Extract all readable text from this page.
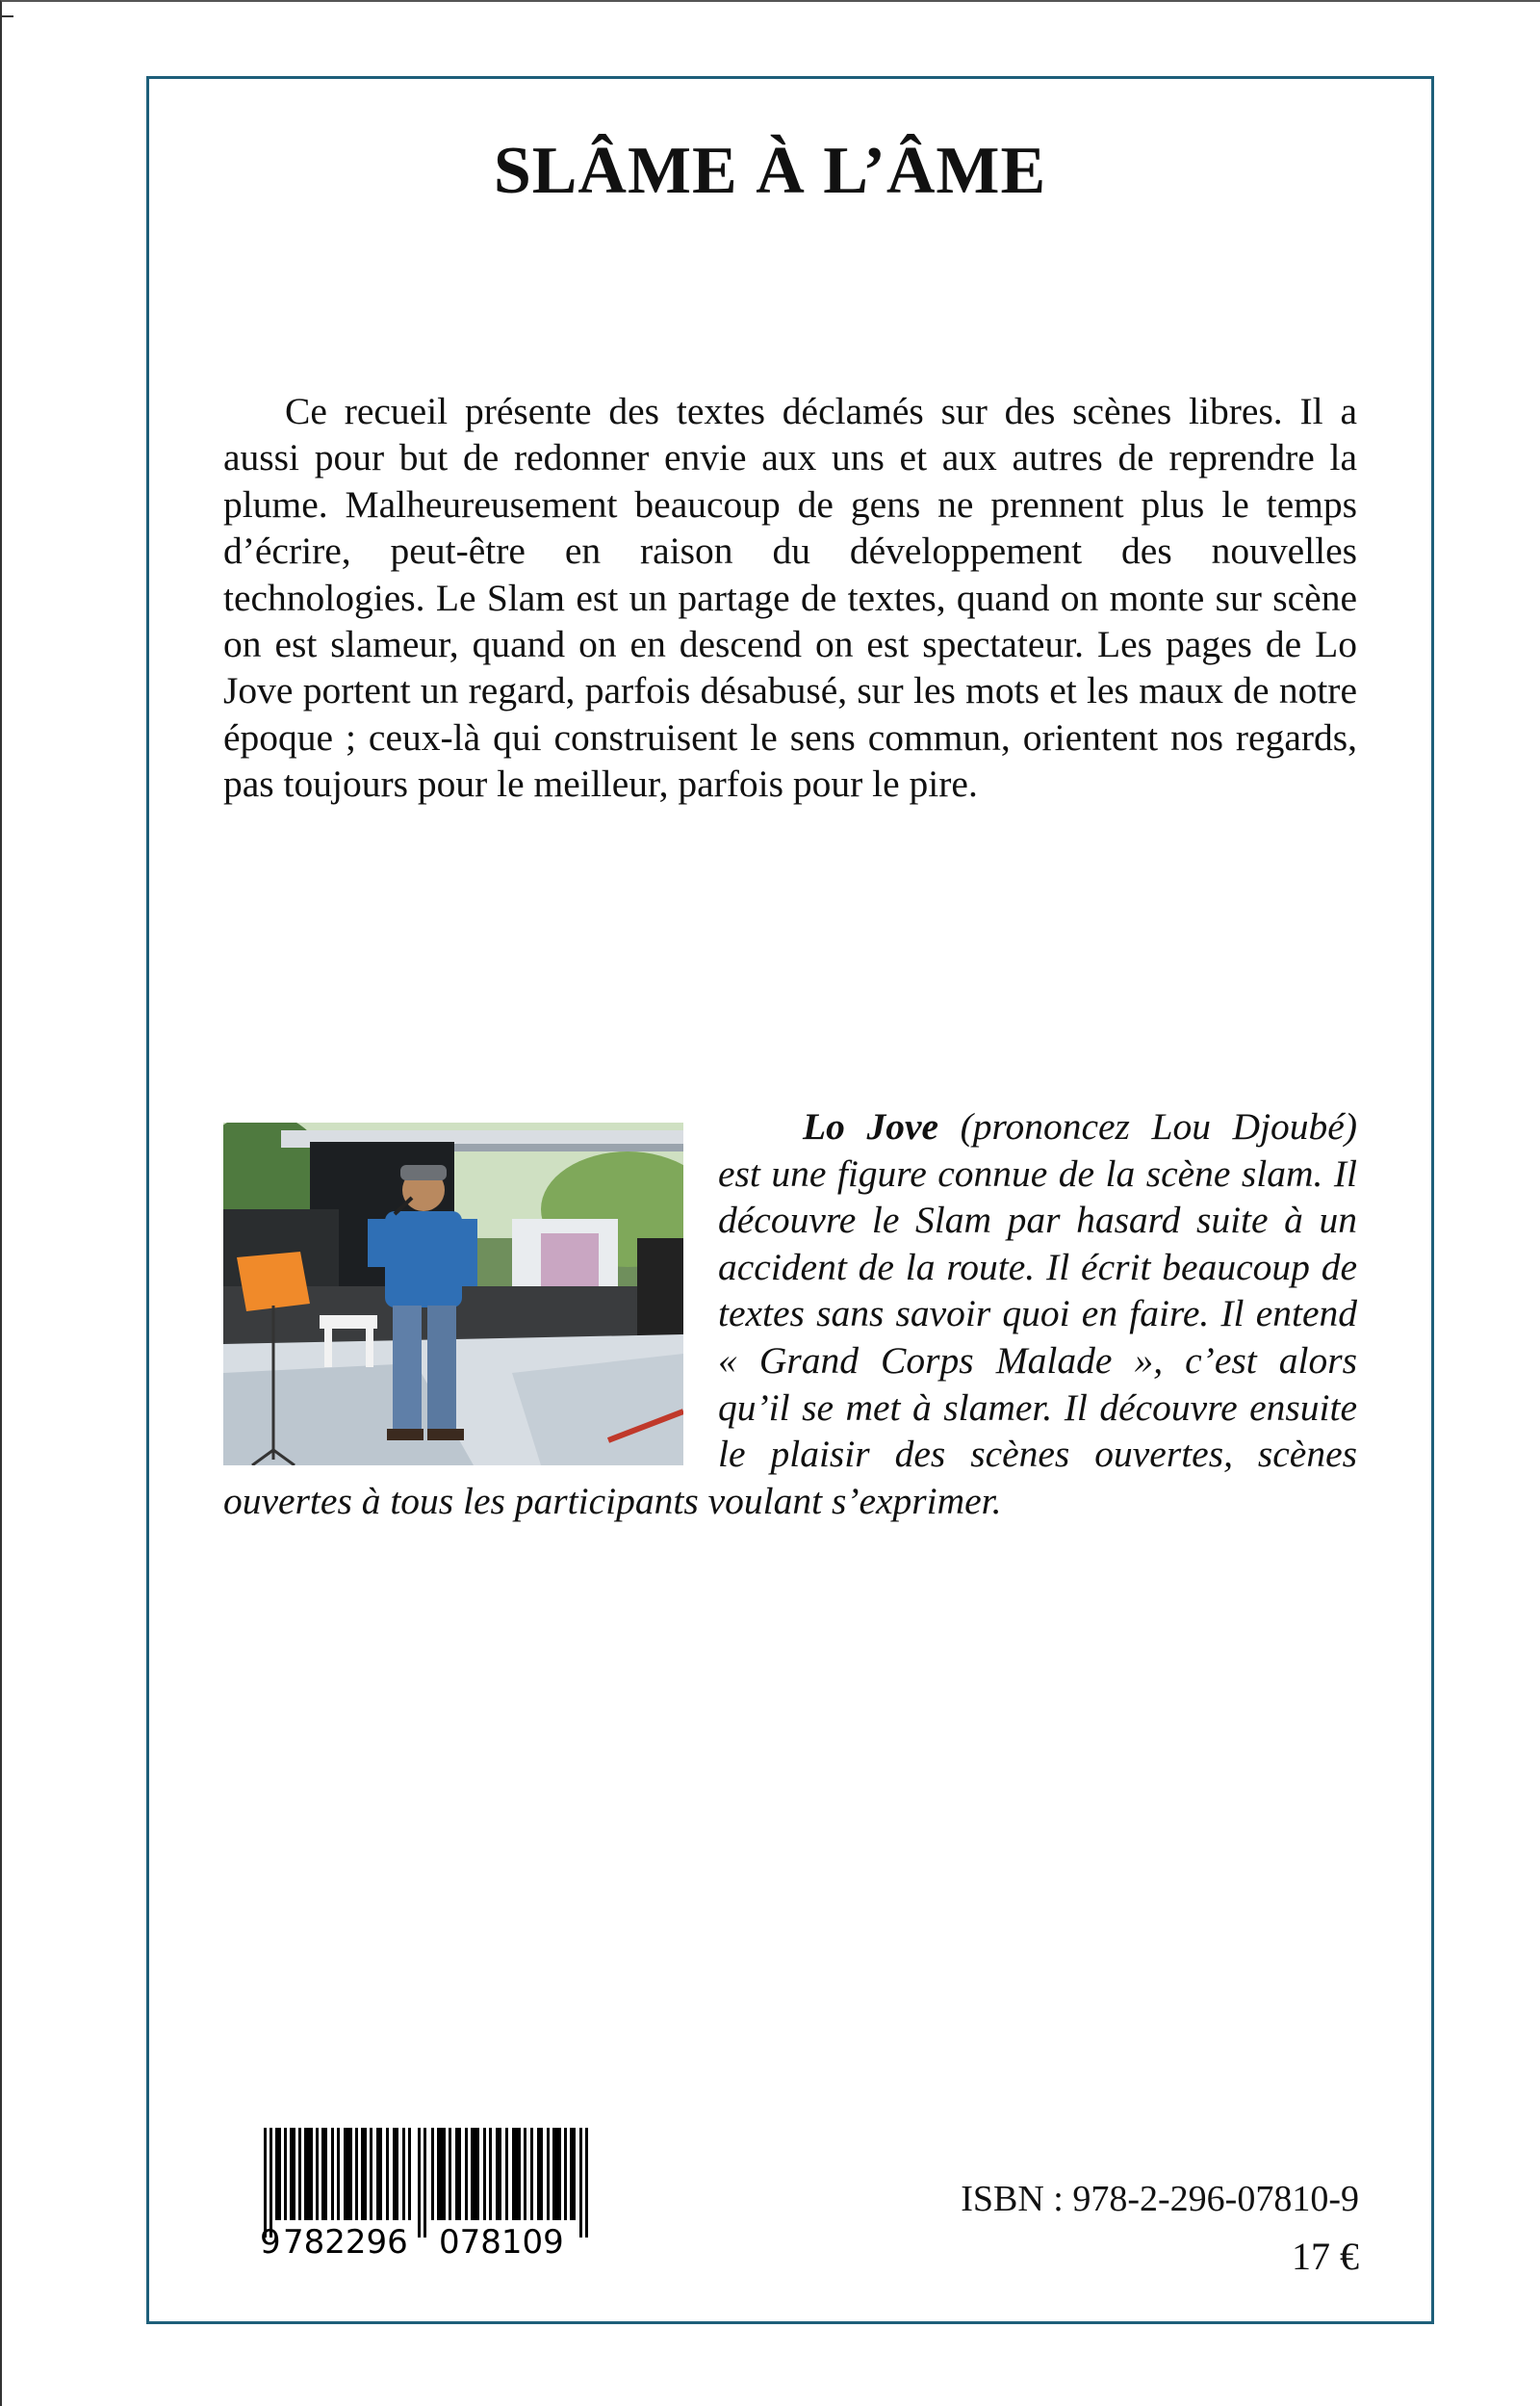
SLÂME À L’ÂME

Ce recueil présente des textes déclamés sur des scènes libres. Il a aussi pour but de redonner envie aux uns et aux autres de reprendre la plume. Malheureusement beaucoup de gens ne prennent plus le temps d’écrire, peut-être en raison du développement des nouvelles technologies. Le Slam est un partage de textes, quand on monte sur scène on est slameur, quand on en descend on est spectateur. Les pages de Lo Jove portent un regard, parfois désabusé, sur les mots et les maux de notre époque ; ceux-là qui construisent le sens commun, orientent nos regards, pas toujours pour le meilleur, parfois pour le pire.

Lo Jove (prononcez Lou Djoubé) est une figure connue de la scène slam. Il découvre le Slam par hasard suite à un accident de la route. Il écrit beaucoup de textes sans savoir quoi en faire. Il entend « Grand Corps Malade », c’est alors qu’il se met à slamer. Il découvre ensuite le plaisir des scènes ouvertes, scènes ouvertes à tous les participants voulant s’exprimer.

9 782296 078109

ISBN : 978-2-296-07810-9

17 €
